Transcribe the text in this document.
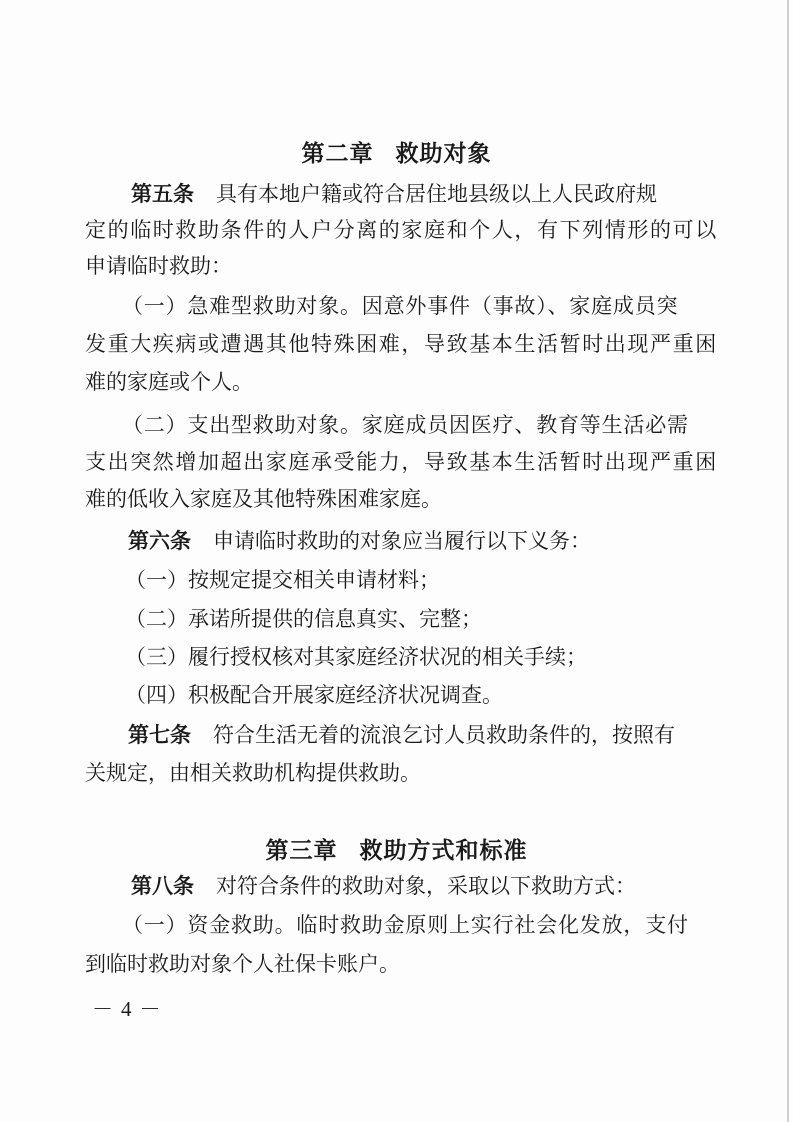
第二章 救助对象
第五条 具有本地户籍或符合居住地县级以上人民政府规
定的临时救助条件的人户分离的家庭和个人，有下列情形的可以
申请临时救助：
（一）急难型救助对象。因意外事件（事故）、家庭成员突
发重大疾病或遭遇其他特殊困难，导致基本生活暂时出现严重困
难的家庭或个人。
（二）支出型救助对象。家庭成员因医疗、教育等生活必需
支出突然增加超出家庭承受能力，导致基本生活暂时出现严重困
难的低收入家庭及其他特殊困难家庭。
第六条 申请临时救助的对象应当履行以下义务：
（一）按规定提交相关申请材料；
（二）承诺所提供的信息真实、完整；
（三）履行授权核对其家庭经济状况的相关手续；
（四）积极配合开展家庭经济状况调查。
第七条 符合生活无着的流浪乞讨人员救助条件的，按照有
关规定，由相关救助机构提供救助。
第三章 救助方式和标准
第八条 对符合条件的救助对象，采取以下救助方式：
（一）资金救助。临时救助金原则上实行社会化发放，支付
到临时救助对象个人社保卡账户。
－4－
